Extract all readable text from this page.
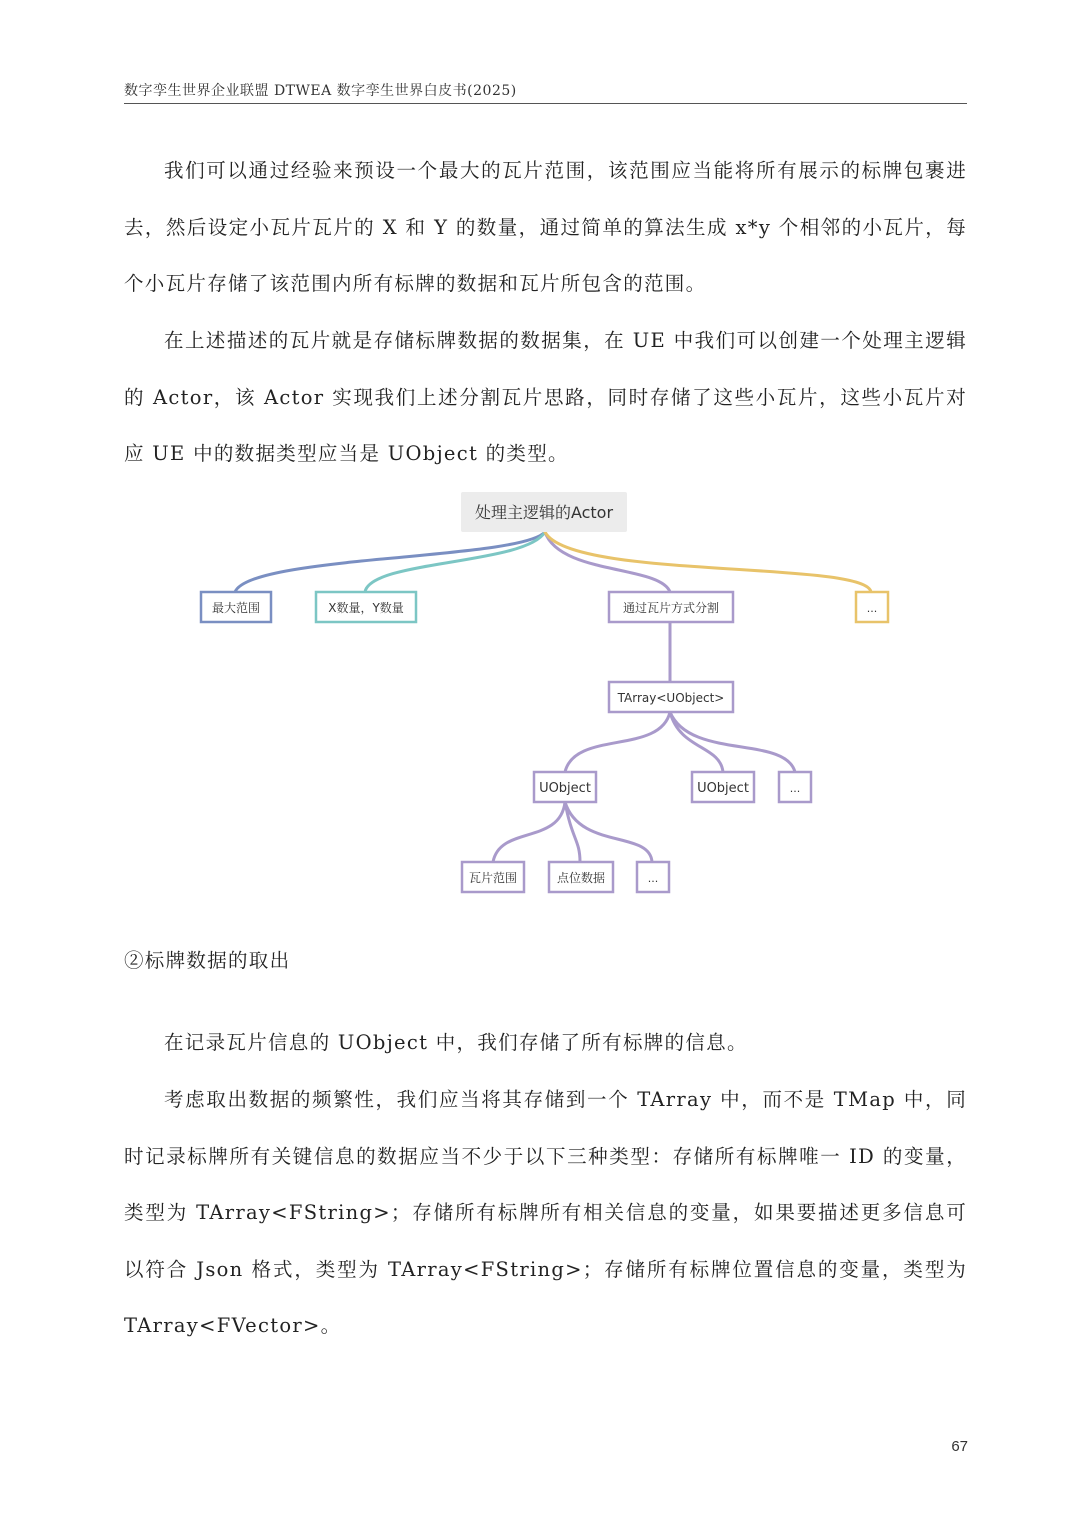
数字孪生世界企业联盟 DTWEA 数字孪生世界白皮书(2025)

我们可以通过经验来预设一个最大的瓦片范围，该范围应当能将所有展示的标牌包裹进去，然后设定小瓦片瓦片的 X 和 Y 的数量，通过简单的算法生成 x*y 个相邻的小瓦片，每个小瓦片存储了该范围内所有标牌的数据和瓦片所包含的范围。

在上述描述的瓦片就是存储标牌数据的数据集，在 UE 中我们可以创建一个处理主逻辑的 Actor，该 Actor 实现我们上述分割瓦片思路，同时存储了这些小瓦片，这些小瓦片对应 UE 中的数据类型应当是 UObject 的类型。

处理主逻辑的Actor
最大范围	X数量，Y数量	通过瓦片方式分割	...
TArray<UObject>
UObject	UObject	...
瓦片范围	点位数据	...

②标牌数据的取出

在记录瓦片信息的 UObject 中，我们存储了所有标牌的信息。

考虑取出数据的频繁性，我们应当将其存储到一个 TArray 中，而不是 TMap 中，同时记录标牌所有关键信息的数据应当不少于以下三种类型：存储所有标牌唯一 ID 的变量，类型为 TArray<FString>；存储所有标牌所有相关信息的变量，如果要描述更多信息可以符合 Json 格式，类型为 TArray<FString>；存储所有标牌位置信息的变量，类型为 TArray<FVector>。

67
